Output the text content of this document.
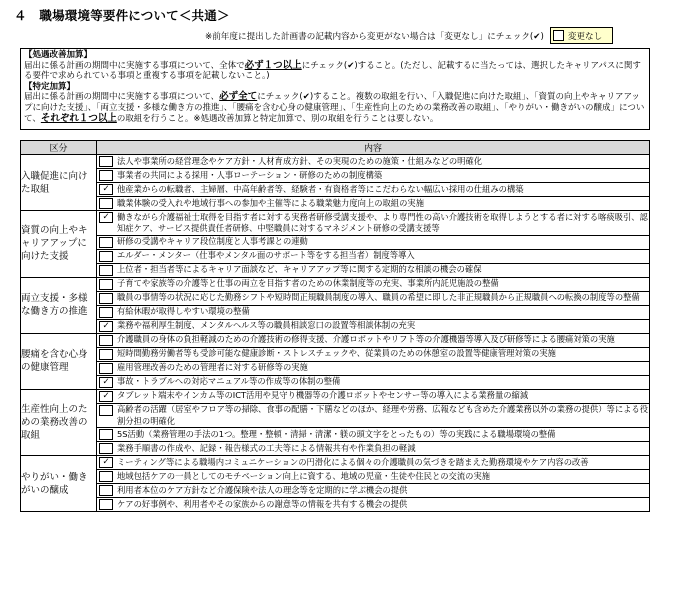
４　職場環境等要件について＜共通＞
※前年度に提出した計画書の記載内容から変更がない場合は「変更なし」にチェック(✔)	変更なし
【処遇改善加算】
届出に係る計画の期間中に実施する事項について、全体で必ず１つ以上にチェック(✔)すること。(ただし、記載するに当たっては、選択したキャリアパスに関する要件で求められている事項と重複する事項を記載しないこと。)
【特定加算】
届出に係る計画の期間中に実施する事項について、必ず全てにチェック(✔)すること。複数の取組を行い、「入職促進に向けた取組」、「資質の向上やキャリアアップに向けた支援」、「両立支援・多様な働き方の推進」、「腰痛を含む心身の健康管理」、「生産性向上のための業務改善の取組」、「やりがい・働きがいの醸成」について、それぞれ１つ以上の取組を行うこと。※処遇改善加算と特定加算で、別の取組を行うことは要しない。
区分	内容
入職促進に向けた取組	法人や事業所の経営理念やケア方針・人材育成方針、その実現のための施策・仕組みなどの明確化
事業者の共同による採用・人事ローテーション・研修のための制度構築
✓ 他産業からの転職者、主婦層、中高年齢者等、経験者・有資格者等にこだわらない幅広い採用の仕組みの構築
職業体験の受入れや地域行事への参加や主催等による職業魅力度向上の取組の実施

資質の向上やキャリアアップに向けた支援	✓ 働きながら介護福祉士取得を目指す者に対する実務者研修受講支援や、より専門性の高い介護技術を取得しようとする者に対する喀痰吸引、認知症ケア、サービス提供責任者研修、中堅職員に対するマネジメント研修の受講支援等
研修の受講やキャリア段位制度と人事考課との連動
エルダー・メンター（仕事やメンタル面のサポート等をする担当者）制度等導入
上位者・担当者等によるキャリア面談など、キャリアアップ等に関する定期的な相談の機会の確保

両立支援・多様な働き方の推進	子育てや家族等の介護等と仕事の両立を目指す者のための休業制度等の充実、事業所内託児施設の整備
職員の事情等の状況に応じた勤務シフトや短時間正規職員制度の導入、職員の希望に即した非正規職員から正規職員への転換の制度等の整備
有給休暇が取得しやすい環境の整備
✓ 業務や福利厚生制度、メンタルヘルス等の職員相談窓口の設置等相談体制の充実

腰痛を含む心身の健康管理	介護職員の身体の負担軽減のための介護技術の修得支援、介護ロボットやリフト等の介護機器等導入及び研修等による腰痛対策の実施
短時間勤務労働者等も受診可能な健康診断・ストレスチェックや、従業員のための休憩室の設置等健康管理対策の実施
雇用管理改善のための管理者に対する研修等の実施
✓ 事故・トラブルへの対応マニュアル等の作成等の体制の整備

生産性向上のための業務改善の取組	✓ タブレット端末やインカム等のICT活用や見守り機器等の介護ロボットやセンサー等の導入による業務量の縮減
高齢者の活躍（居室やフロア等の掃除、食事の配膳・下膳などのほか、経理や労務、広報なども含めた介護業務以外の業務の提供）等による役割分担の明確化
5S活動（業務管理の手法の1つ。整理・整頓・清掃・清潔・躾の頭文字をとったもの）等の実践による職場環境の整備
業務手順書の作成や、記録・報告様式の工夫等による情報共有や作業負担の軽減

やりがい・働きがいの醸成	✓ ミーティング等による職場内コミュニケーションの円滑化による個々の介護職員の気づきを踏まえた勤務環境やケア内容の改善
地域包括ケアの一員としてのモチベーション向上に資する、地域の児童・生徒や住民との交流の実施
利用者本位のケア方針など介護保険や法人の理念等を定期的に学ぶ機会の提供
ケアの好事例や、利用者やその家族からの謝意等の情報を共有する機会の提供
